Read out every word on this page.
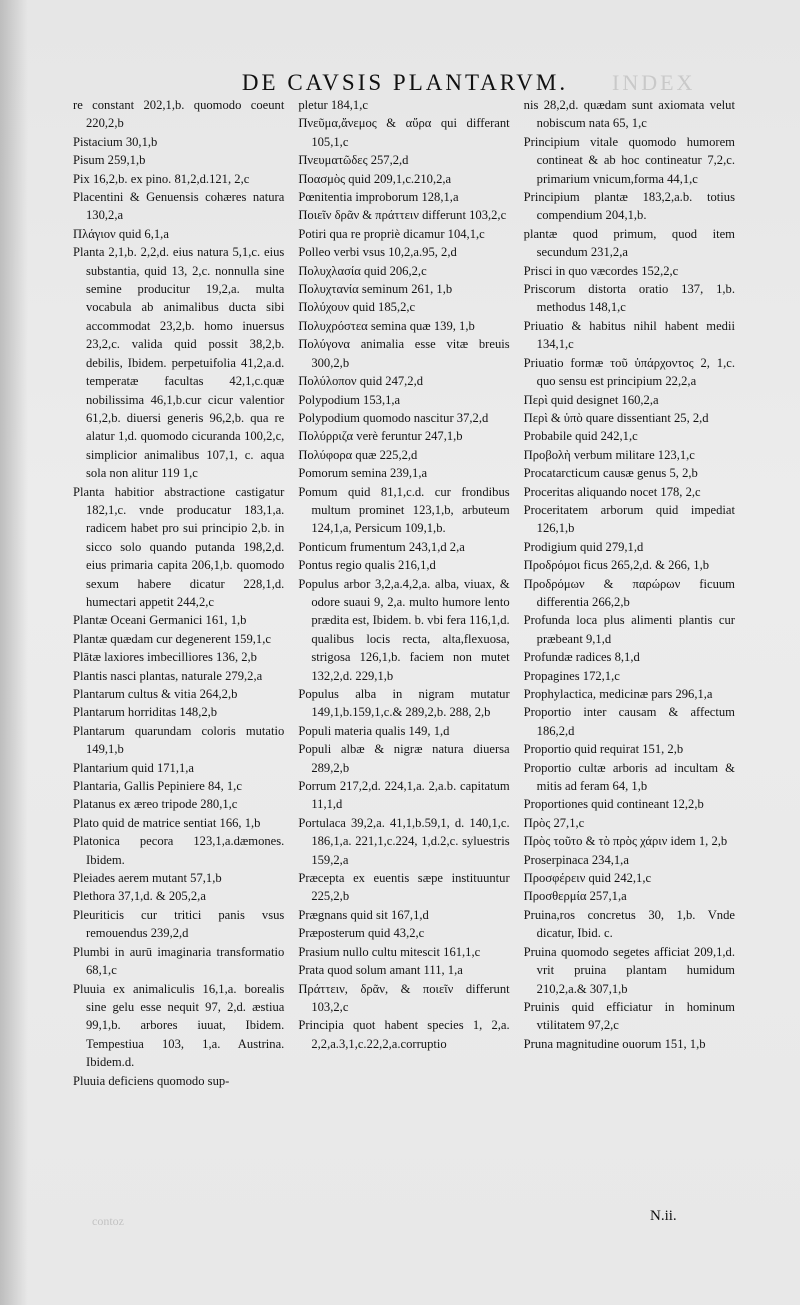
INDEX
DE CAVSIS PLANTARVM.

re constant 202,1,b. quomodo coeunt 220,2,b

Pistacium 30,1,b

Pisum 259,1,b

Pix 16,2,b. ex pino. 81,2,d.121, 2,c

Placentini & Genuensis cohæres natura 130,2,a

Πλάγιον quid 6,1,a

Planta 2,1,b. 2,2,d. eius natura 5,1,c. eius substantia, quid 13, 2,c. nonnulla sine semine producitur 19,2,a. multa vocabula ab animalibus ducta sibi accommodat 23,2,b. homo inuersus 23,2,c. valida quid possit 38,2,b. debilis, Ibidem. perpetuifolia 41,2,a.d. temperatæ facultas 42,1,c.quæ nobilissima 46,1,b.cur cicur valentior 61,2,b. diuersi generis 96,2,b. qua re alatur 1,d. quomodo cicuranda 100,2,c, simplicior animalibus 107,1, c. aqua sola non alitur 119 1,c

Planta habitior abstractione castigatur 182,1,c. vnde producatur 183,1,a. radicem habet pro sui principio 2,b. in sicco solo quando putanda 198,2,d. eius primaria capita 206,1,b. quomodo sexum habere dicatur 228,1,d. humectari appetit 244,2,c

Plantæ Oceani Germanici 161, 1,b

Plantæ quædam cur degenerent 159,1,c

Plātæ laxiores imbecilliores 136, 2,b

Plantis nasci plantas, naturale 279,2,a

Plantarum cultus & vitia 264,2,b

Plantarum horriditas 148,2,b

Plantarum quarundam coloris mutatio 149,1,b

Plantarium quid 171,1,a

Plantaria, Gallis Pepiniere 84, 1,c

Platanus ex æreo tripode 280,1,c

Plato quid de matrice sentiat 166, 1,b

Platonica pecora 123,1,a.dæmones. Ibidem.

Pleiades aerem mutant 57,1,b

Plethora 37,1,d. & 205,2,a

Pleuriticis cur tritici panis vsus remouendus 239,2,d

Plumbi in aurū imaginaria transformatio 68,1,c

Pluuia ex animaliculis 16,1,a. borealis sine gelu esse nequit 97, 2,d. æstiua 99,1,b. arbores iuuat, Ibidem. Tempestiua 103, 1,a. Austrina. Ibidem.d.

Pluuia deficiens quomodo sup-

pletur 184,1,c

Πνεῦμα,ἄνεμος & αὔρα qui differant 105,1,c

Πνευματῶδες 257,2,d

Ποασμὸς quid 209,1,c.210,2,a

Pœnitentia improborum 128,1,a

Ποιεῖν δρᾶν & πράττειν differunt 103,2,c

Potiri qua re propriè dicamur 104,1,c

Polleo verbi vsus 10,2,a.95, 2,d

Πολυχλασία quid 206,2,c

Πολυχτανία seminum 261, 1,b

Πολύχουν quid 185,2,c

Πολυχρόστεα semina quæ 139, 1,b

Πολύγονα animalia esse vitæ breuis 300,2,b

Πολύλοπον quid 247,2,d

Polypodium 153,1,a

Polypodium quomodo nascitur 37,2,d

Πολύρριζα verè feruntur 247,1,b

Πολύφορα quæ 225,2,d

Pomorum semina 239,1,a

Pomum quid 81,1,c.d. cur frondibus multum prominet 123,1,b, arbuteum 124,1,a, Persicum 109,1,b.

Ponticum frumentum 243,1,d 2,a

Pontus regio qualis 216,1,d

Populus arbor 3,2,a.4,2,a. alba, viuax, & odore suaui 9, 2,a. multo humore lento prædita est, Ibidem. b. vbi fera 116,1,d. qualibus locis recta, alta,flexuosa, strigosa 126,1,b. faciem non mutet 132,2,d. 229,1,b

Populus alba in nigram mutatur 149,1,b.159,1,c.& 289,2,b. 288, 2,b

Populi materia qualis 149, 1,d

Populi albæ & nigræ natura diuersa 289,2,b

Porrum 217,2,d. 224,1,a. 2,a.b. capitatum 11,1,d

Portulaca 39,2,a. 41,1,b.59,1, d. 140,1,c. 186,1,a. 221,1,c.224, 1,d.2,c. syluestris 159,2,a

Præcepta ex euentis sæpe instituuntur 225,2,b

Prægnans quid sit 167,1,d

Præposterum quid 43,2,c

Prasium nullo cultu mitescit 161,1,c

Prata quod solum amant 111, 1,a

Πράττειν, δρᾶν, & ποιεῖν differunt 103,2,c

Principia quot habent species 1, 2,a. 2,2,a.3,1,c.22,2,a.corruptio

nis 28,2,d. quædam sunt axiomata velut nobiscum nata 65, 1,c

Principium vitale quomodo humorem contineat & ab hoc contineatur 7,2,c. primarium vnicum,forma 44,1,c

Principium plantæ 183,2,a.b. totius compendium 204,1,b.

plantæ quod primum, quod item secundum 231,2,a

Prisci in quo væcordes 152,2,c

Priscorum distorta oratio 137, 1,b. methodus 148,1,c

Priuatio & habitus nihil habent medii 134,1,c

Priuatio formæ τοῦ ὑπάρχοντος 2, 1,c. quo sensu est principium 22,2,a

Περὶ quid designet 160,2,a

Περὶ & ὑπὸ quare dissentiant 25, 2,d

Probabile quid 242,1,c

Προβολὴ verbum militare 123,1,c

Procatarcticum causæ genus 5, 2,b

Proceritas aliquando nocet 178, 2,c

Proceritatem arborum quid impediat 126,1,b

Prodigium quid 279,1,d

Προδρόμοι ficus 265,2,d. & 266, 1,b

Προδρόμων & παρώρων ficuum differentia 266,2,b

Profunda loca plus alimenti plantis cur præbeant 9,1,d

Profundæ radices 8,1,d

Propagines 172,1,c

Prophylactica, medicinæ pars 296,1,a

Proportio inter causam & affectum 186,2,d

Proportio quid requirat 151, 2,b

Proportio cultæ arboris ad incultam & mitis ad feram 64, 1,b

Proportiones quid contineant 12,2,b

Πρὸς 27,1,c

Πρὸς τοῦτο & τὸ πρὸς χάριν idem 1, 2,b

Proserpinaca 234,1,a

Προσφέρειν quid 242,1,c

Προσθερμία 257,1,a

Pruina,ros concretus 30, 1,b. Vnde dicatur, Ibid. c.

Pruina quomodo segetes afficiat 209,1,d. vrit pruina plantam humidum 210,2,a.& 307,1,b

Pruinis quid efficiatur in hominum vtilitatem 97,2,c

Pruna magnitudine ouorum 151, 1,b

contoz	N.ii.
